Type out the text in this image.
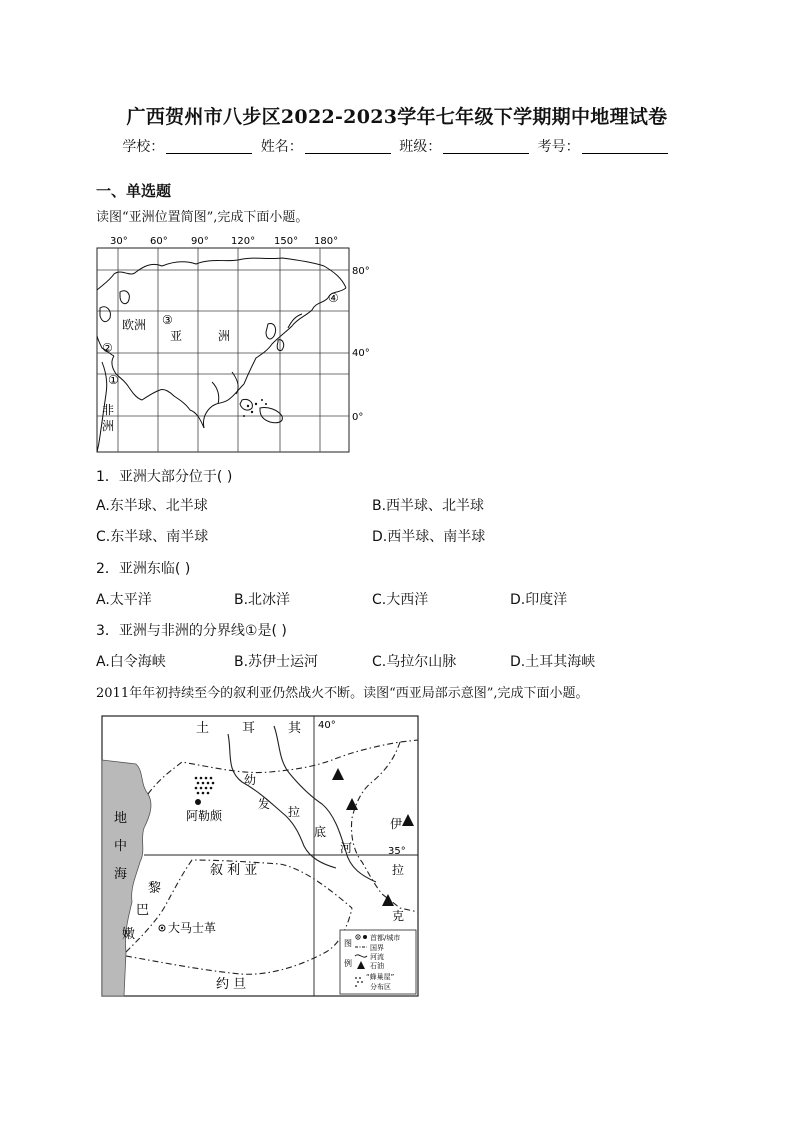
广西贺州市八步区2022-2023学年七年级下学期期中地理试卷
学校：	姓名：	班级：	考号：
一、单选题
读图“亚洲位置简图”,完成下面小题。
30° 60° 90° 120° 150° 180°
80°
40°
0°
欧洲
亚	洲
非
洲
①
②
③
④
1．亚洲大部分位于( )
A.东半球、北半球	B.西半球、北半球
C.东半球、南半球	D.西半球、南半球
2．亚洲东临( )
A.太平洋	B.北冰洋	C.大西洋	D.印度洋
3．亚洲与非洲的分界线①是( )
A.白令海峡	B.苏伊士运河	C.乌拉尔山脉	D.土耳其海峡
2011年年初持续至今的叙利亚仍然战火不断。读图“西亚局部示意图”,完成下面小题。
土	耳	其 40°
35°
阿勒颇
幼
发
拉
底
河
伊
拉
克
地
中
海	叙 利 亚
黎
巴
嫩	大马士革
约 旦
图
例
首都/城市
国界
河流
石油
“蜂巢屋”
分布区
